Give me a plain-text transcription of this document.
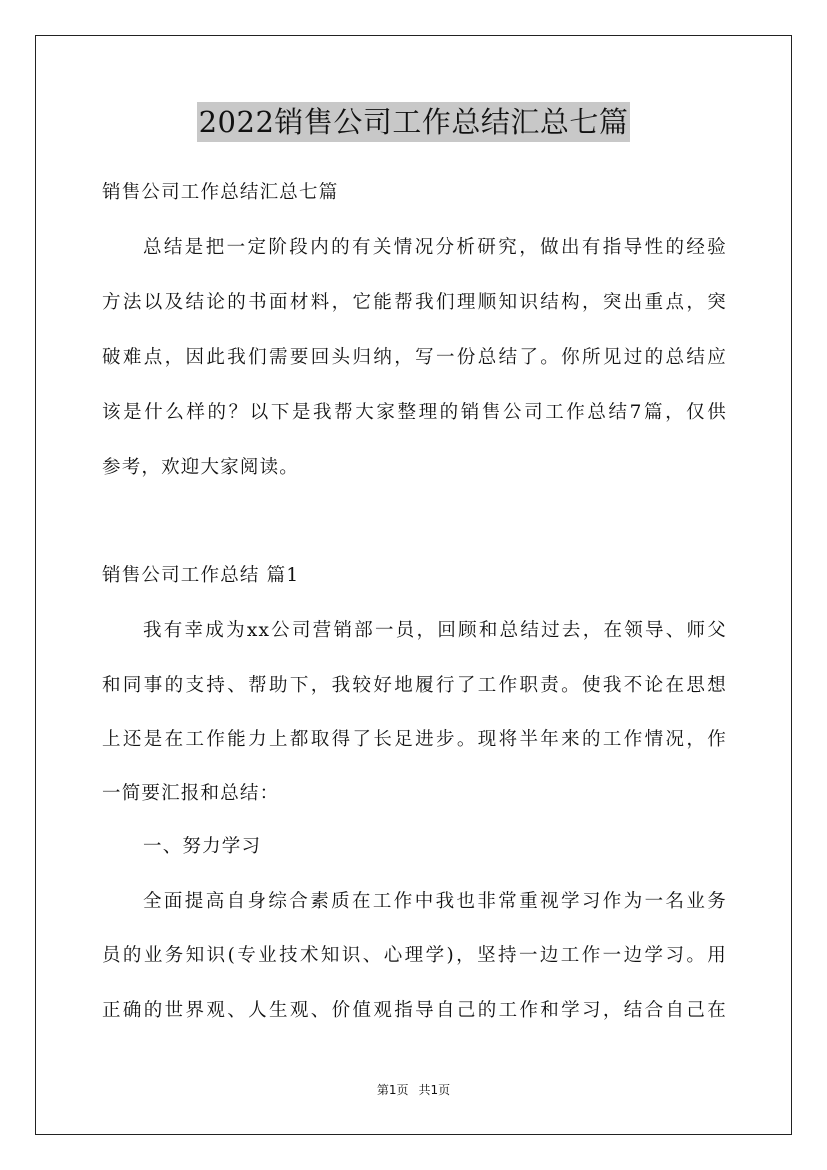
2022销售公司工作总结汇总七篇

销售公司工作总结汇总七篇

总结是把一定阶段内的有关情况分析研究，做出有指导性的经验

方法以及结论的书面材料，它能帮我们理顺知识结构，突出重点，突

破难点，因此我们需要回头归纳，写一份总结了。你所见过的总结应

该是什么样的？以下是我帮大家整理的销售公司工作总结7篇，仅供

参考，欢迎大家阅读。

销售公司工作总结 篇1

我有幸成为xx公司营销部一员，回顾和总结过去，在领导、师父

和同事的支持、帮助下，我较好地履行了工作职责。使我不论在思想

上还是在工作能力上都取得了长足进步。现将半年来的工作情况，作

一简要汇报和总结：

一、努力学习

全面提高自身综合素质在工作中我也非常重视学习作为一名业务

员的业务知识(专业技术知识、心理学)，坚持一边工作一边学习。用

正确的世界观、人生观、价值观指导自己的工作和学习，结合自己在

第1页 共1页
